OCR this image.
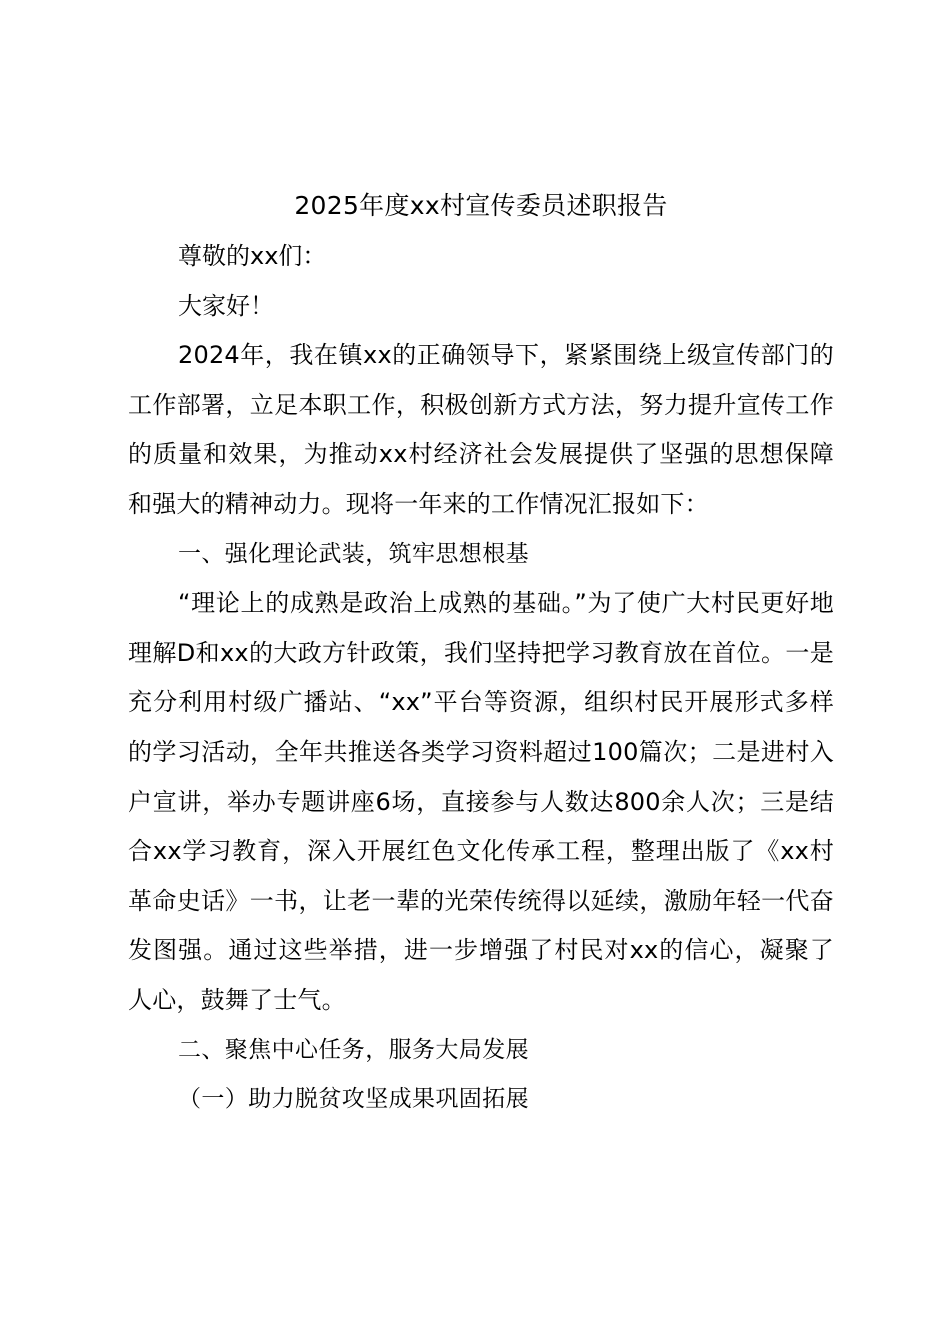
2025年度xx村宣传委员述职报告

尊敬的xx们：

大家好！

2024年，我在镇xx的正确领导下，紧紧围绕上级宣传部门的工作部署，立足本职工作，积极创新方式方法，努力提升宣传工作的质量和效果，为推动xx村经济社会发展提供了坚强的思想保障和强大的精神动力。现将一年来的工作情况汇报如下：

一、强化理论武装，筑牢思想根基

“理论上的成熟是政治上成熟的基础。”为了使广大村民更好地理解D和xx的大政方针政策，我们坚持把学习教育放在首位。一是充分利用村级广播站、“xx”平台等资源，组织村民开展形式多样的学习活动，全年共推送各类学习资料超过100篇次；二是进村入户宣讲，举办专题讲座6场，直接参与人数达800余人次；三是结合xx学习教育，深入开展红色文化传承工程，整理出版了《xx村革命史话》一书，让老一辈的光荣传统得以延续，激励年轻一代奋发图强。通过这些举措，进一步增强了村民对xx的信心，凝聚了人心，鼓舞了士气。

二、聚焦中心任务，服务大局发展

（一）助力脱贫攻坚成果巩固拓展
